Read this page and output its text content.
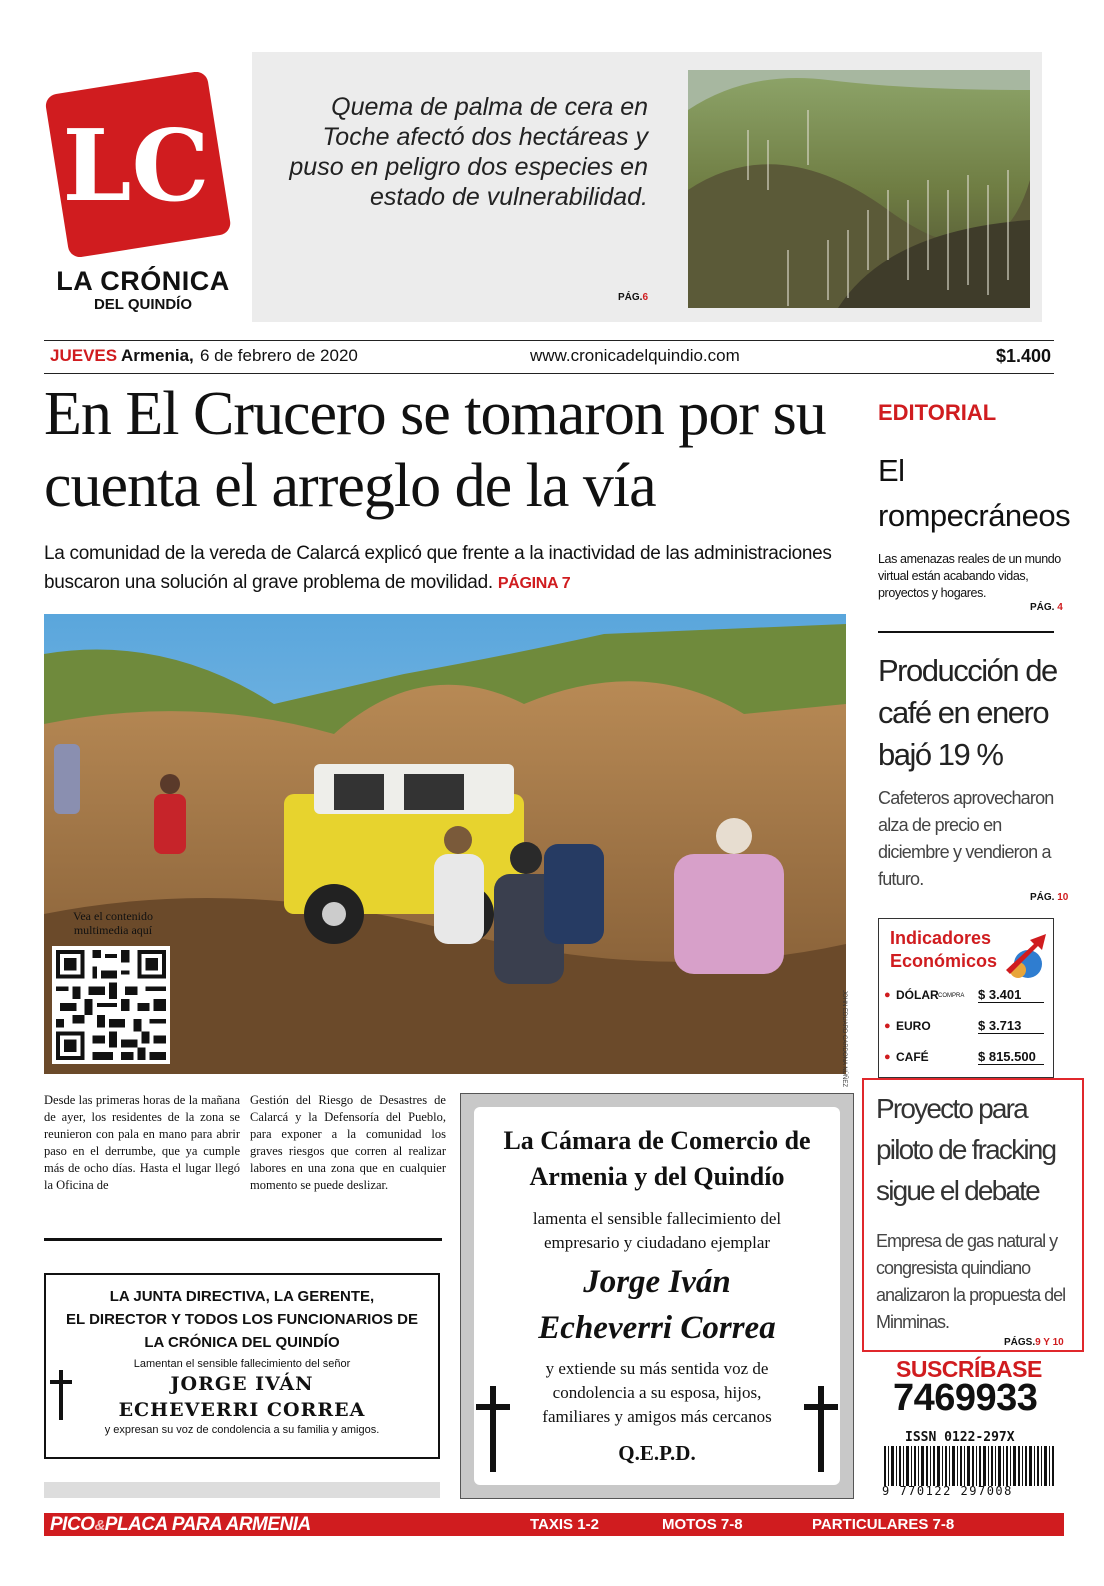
LC
LA CRÓNICA
DEL QUINDÍO
Quema de palma de cera en Toche afectó dos hectáreas y puso en peligro dos especies en estado de vulnerabilidad.
PÁG.6
JUEVES Armenia, 6 de febrero de 2020	www.cronicadelquindio.com	$1.400
En El Crucero se tomaron por su cuenta el arreglo de la vía
La comunidad de la vereda de Calarcá explicó que frente a la inactividad de las administraciones buscaron una solución al grave problema de movilidad. PÁGINA 7
JOHN EDUARD CARDONA NÚÑEZ
Vea el contenido multimedia aquí
Desde las primeras horas de la mañana de ayer, los residentes de la zona se reunieron con pala en mano para abrir paso en el derrumbe, que ya cumple más de ocho días. Hasta el lugar llegó la Oficina de
Gestión del Riesgo de Desastres de Calarcá y la Defensoría del Pueblo, para exponer a la comunidad los graves riesgos que corren al realizar labores en una zona que en cualquier momento se puede deslizar.
LA JUNTA DIRECTIVA, LA GERENTE,
EL DIRECTOR Y TODOS LOS FUNCIONARIOS DE
LA CRÓNICA DEL QUINDÍO
Lamentan el sensible fallecimiento del señor
JORGE IVÁN
ECHEVERRI CORREA
y expresan su voz de condolencia a su familia y amigos.
La Cámara de Comercio de Armenia y del Quindío
lamenta el sensible fallecimiento del empresario y ciudadano ejemplar
Jorge Iván
Echeverri Correa
y extiende su más sentida voz de condolencia a su esposa, hijos, familiares y amigos más cercanos
Q.E.P.D.
EDITORIAL
El rompecráneos
Las amenazas reales de un mundo virtual están acabando vidas, proyectos y hogares.
PÁG. 4
Producción de café en enero bajó 19 %
Cafeteros aprovecharon alza de precio en diciembre y vendieron a futuro.
PÁG. 10
Indicadores
Económicos
● DÓLAR COMPRA $ 3.401
● EURO	$ 3.713
● CAFÉ	$ 815.500
Proyecto para piloto de fracking sigue el debate
Empresa de gas natural y congresista quindiano analizaron la propuesta del Minminas.
PÁGS.9 Y 10
SUSCRÍBASE
7469933
ISSN 0122-297X
9 770122 297008
PICO&PLACA PARA ARMENIA	TAXIS 1-2	MOTOS 7-8	PARTICULARES 7-8
